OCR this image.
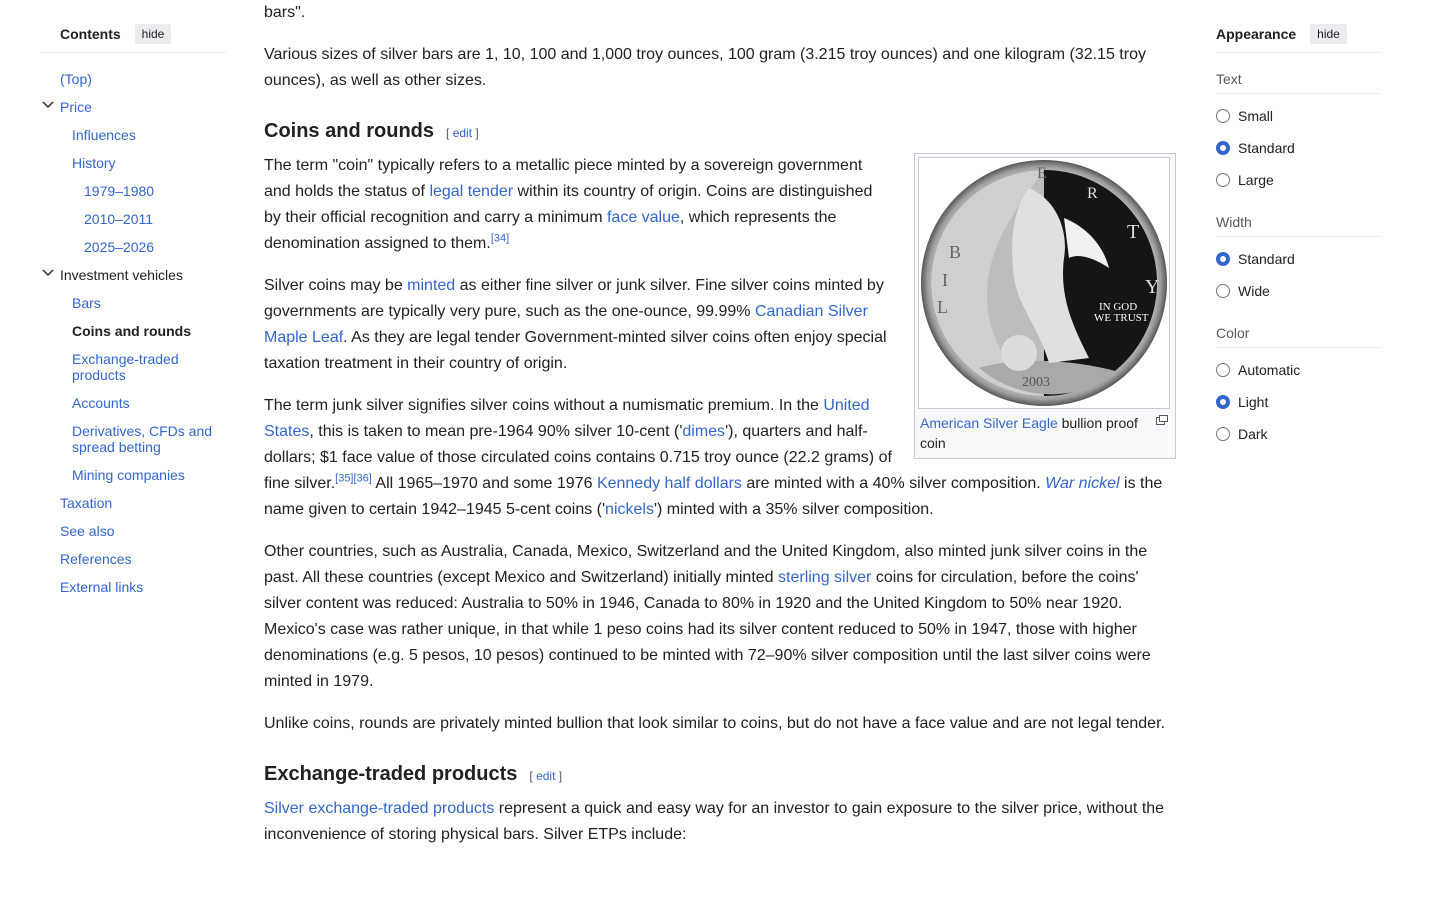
Contents	hide
(Top)
Price
Influences
History
1979–1980
2010–2011
2025–2026
Investment vehicles
Bars
Coins and rounds
Exchange-traded products
Accounts
Derivatives, CFDs and spread betting
Mining companies
Taxation
See also
References
External links

bars".

Various sizes of silver bars are 1, 10, 100 and 1,000 troy ounces, 100 gram (3.215 troy ounces) and one kilogram (32.15 troy ounces), as well as other sizes.

Coins and rounds [ edit ]
IN GOD
WE TRUST
2003
L
I
B
E
R
T
Y
American Silver Eagle bullion proof coin

The term "coin" typically refers to a metallic piece minted by a sovereign government and holds the status of legal tender within its country of origin. Coins are distinguished by their official recognition and carry a minimum face value, which represents the denomination assigned to them.[34]

Silver coins may be minted as either fine silver or junk silver. Fine silver coins minted by governments are typically very pure, such as the one-ounce, 99.99% Canadian Silver Maple Leaf. As they are legal tender Government-minted silver coins often enjoy special taxation treatment in their country of origin.

The term junk silver signifies silver coins without a numismatic premium. In the United States, this is taken to mean pre-1964 90% silver 10-cent ('dimes'), quarters and half-dollars; $1 face value of those circulated coins contains 0.715 troy ounce (22.2 grams) of fine silver.[35][36] All 1965–1970 and some 1976 Kennedy half dollars are minted with a 40% silver composition. War nickel is the name given to certain 1942–1945 5-cent coins ('nickels') minted with a 35% silver composition.

Other countries, such as Australia, Canada, Mexico, Switzerland and the United Kingdom, also minted junk silver coins in the past. All these countries (except Mexico and Switzerland) initially minted sterling silver coins for circulation, before the coins' silver content was reduced: Australia to 50% in 1946, Canada to 80% in 1920 and the United Kingdom to 50% near 1920. Mexico's case was rather unique, in that while 1 peso coins had its silver content reduced to 50% in 1947, those with higher denominations (e.g. 5 pesos, 10 pesos) continued to be minted with 72–90% silver composition until the last silver coins were minted in 1979.

Unlike coins, rounds are privately minted bullion that look similar to coins, but do not have a face value and are not legal tender.

Exchange-traded products [ edit ]

Silver exchange-traded products represent a quick and easy way for an investor to gain exposure to the silver price, without the inconvenience of storing physical bars. Silver ETPs include:

Appearance	hide
Text
Small
Standard
Large
Width
Standard
Wide
Color
Automatic
Light
Dark
